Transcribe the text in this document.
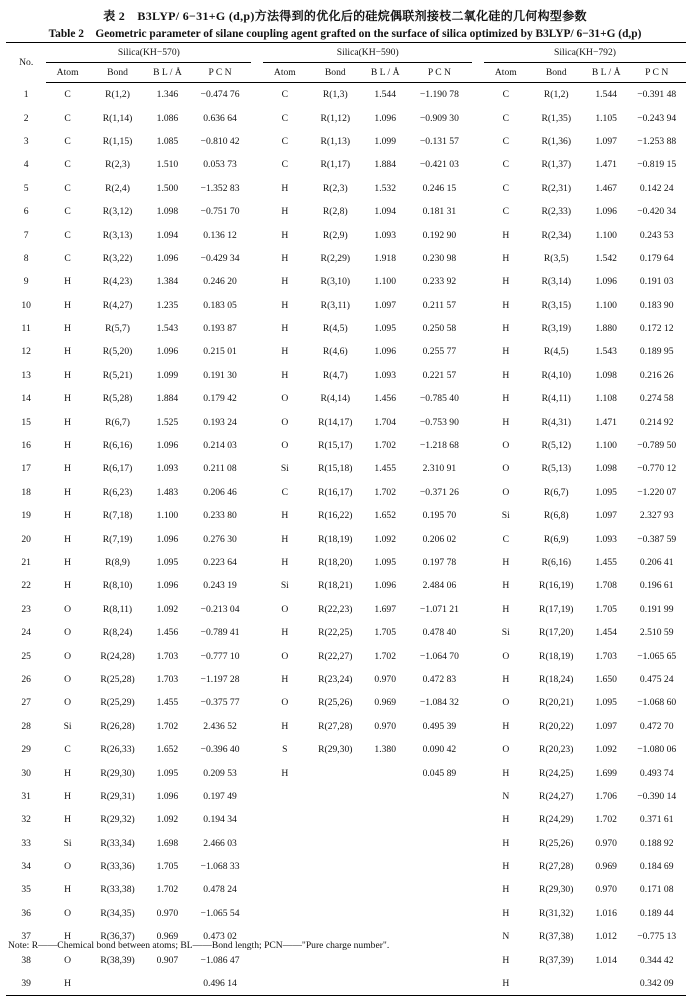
表 2　B3LYP/ 6−31+G (d,p)方法得到的优化后的硅烷偶联剂接枝二氧化硅的几何构型参数
Table 2　Geometric parameter of silane coupling agent grafted on the surface of silica optimized by B3LYP/ 6−31+G (d,p)
No.	Silica(KH−570)					Silica(KH−590)					Silica(KH−792)			
	Atom	Bond	B L / Å	P C N		Atom	Bond	B L / Å	P C N		Atom	Bond	B L / Å	P C N
1	C	R(1,2)	1.346	−0.474 76		C	R(1,3)	1.544	−1.190 78		C	R(1,2)	1.544	−0.391 48
2	C	R(1,14)	1.086	0.636 64		C	R(1,12)	1.096	−0.909 30		C	R(1,35)	1.105	−0.243 94
3	C	R(1,15)	1.085	−0.810 42		C	R(1,13)	1.099	−0.131 57		C	R(1,36)	1.097	−1.253 88
4	C	R(2,3)	1.510	0.053 73		C	R(1,17)	1.884	−0.421 03		C	R(1,37)	1.471	−0.819 15
5	C	R(2,4)	1.500	−1.352 83		H	R(2,3)	1.532	0.246 15		C	R(2,31)	1.467	0.142 24
6	C	R(3,12)	1.098	−0.751 70		H	R(2,8)	1.094	0.181 31		C	R(2,33)	1.096	−0.420 34
7	C	R(3,13)	1.094	0.136 12		H	R(2,9)	1.093	0.192 90		H	R(2,34)	1.100	0.243 53
8	C	R(3,22)	1.096	−0.429 34		H	R(2,29)	1.918	0.230 98		H	R(3,5)	1.542	0.179 64
9	H	R(4,23)	1.384	0.246 20		H	R(3,10)	1.100	0.233 92		H	R(3,14)	1.096	0.191 03
10	H	R(4,27)	1.235	0.183 05		H	R(3,11)	1.097	0.211 57		H	R(3,15)	1.100	0.183 90
11	H	R(5,7)	1.543	0.193 87		H	R(4,5)	1.095	0.250 58		H	R(3,19)	1.880	0.172 12
12	H	R(5,20)	1.096	0.215 01		H	R(4,6)	1.096	0.255 77		H	R(4,5)	1.543	0.189 95
13	H	R(5,21)	1.099	0.191 30		H	R(4,7)	1.093	0.221 57		H	R(4,10)	1.098	0.216 26
14	H	R(5,28)	1.884	0.179 42		O	R(4,14)	1.456	−0.785 40		H	R(4,11)	1.108	0.274 58
15	H	R(6,7)	1.525	0.193 24		O	R(14,17)	1.704	−0.753 90		H	R(4,31)	1.471	0.214 92
16	H	R(6,16)	1.096	0.214 03		O	R(15,17)	1.702	−1.218 68		O	R(5,12)	1.100	−0.789 50
17	H	R(6,17)	1.093	0.211 08		Si	R(15,18)	1.455	2.310 91		O	R(5,13)	1.098	−0.770 12
18	H	R(6,23)	1.483	0.206 46		C	R(16,17)	1.702	−0.371 26		O	R(6,7)	1.095	−1.220 07
19	H	R(7,18)	1.100	0.233 80		H	R(16,22)	1.652	0.195 70		Si	R(6,8)	1.097	2.327 93
20	H	R(7,19)	1.096	0.276 30		H	R(18,19)	1.092	0.206 02		C	R(6,9)	1.093	−0.387 59
21	H	R(8,9)	1.095	0.223 64		H	R(18,20)	1.095	0.197 78		H	R(6,16)	1.455	0.206 41
22	H	R(8,10)	1.096	0.243 19		Si	R(18,21)	1.096	2.484 06		H	R(16,19)	1.708	0.196 61
23	O	R(8,11)	1.092	−0.213 04		O	R(22,23)	1.697	−1.071 21		H	R(17,19)	1.705	0.191 99
24	O	R(8,24)	1.456	−0.789 41		H	R(22,25)	1.705	0.478 40		Si	R(17,20)	1.454	2.510 59
25	O	R(24,28)	1.703	−0.777 10		O	R(22,27)	1.702	−1.064 70		O	R(18,19)	1.703	−1.065 65
26	O	R(25,28)	1.703	−1.197 28		H	R(23,24)	0.970	0.472 83		H	R(18,24)	1.650	0.475 24
27	O	R(25,29)	1.455	−0.375 77		O	R(25,26)	0.969	−1.084 32		O	R(20,21)	1.095	−1.068 60
28	Si	R(26,28)	1.702	2.436 52		H	R(27,28)	0.970	0.495 39		H	R(20,22)	1.097	0.472 70
29	C	R(26,33)	1.652	−0.396 40		S	R(29,30)	1.380	0.090 42		O	R(20,23)	1.092	−1.080 06
30	H	R(29,30)	1.095	0.209 53		H			0.045 89		H	R(24,25)	1.699	0.493 74
31	H	R(29,31)	1.096	0.197 49							N	R(24,27)	1.706	−0.390 14
32	H	R(29,32)	1.092	0.194 34							H	R(24,29)	1.702	0.371 61
33	Si	R(33,34)	1.698	2.466 03							H	R(25,26)	0.970	0.188 92
34	O	R(33,36)	1.705	−1.068 33							H	R(27,28)	0.969	0.184 69
35	H	R(33,38)	1.702	0.478 24							H	R(29,30)	0.970	0.171 08
36	O	R(34,35)	0.970	−1.065 54							H	R(31,32)	1.016	0.189 44
37	H	R(36,37)	0.969	0.473 02							N	R(37,38)	1.012	−0.775 13
38	O	R(38,39)	0.907	−1.086 47							H	R(37,39)	1.014	0.344 42
39	H			0.496 14							H			0.342 09
Note: R——Chemical bond between atoms; BL——Bond length; PCN——"Pure charge number".
